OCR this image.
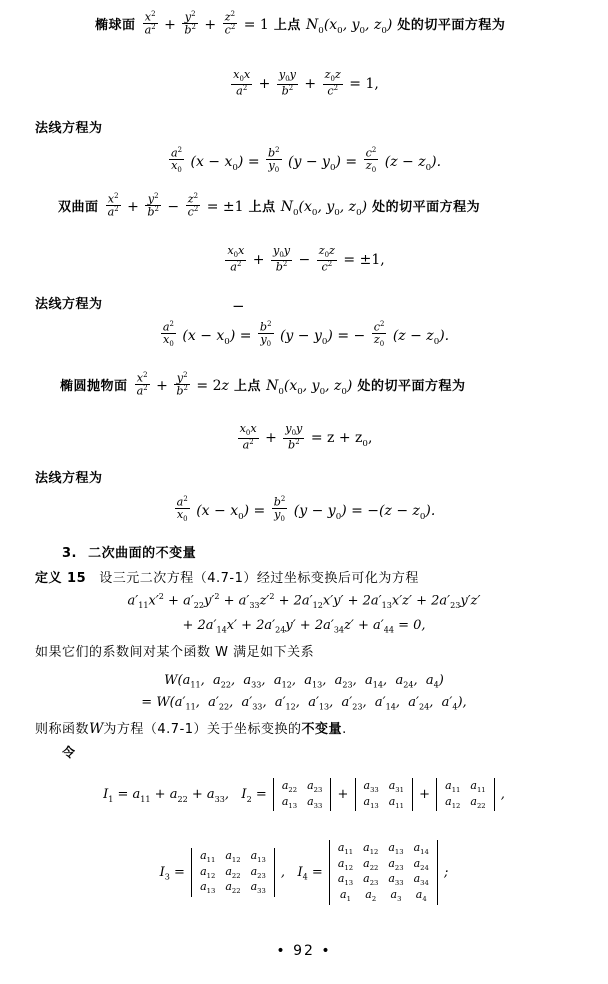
椭球面 $\frac{x^2}{a^2} + \frac{y^2}{b^2} + \frac{z^2}{c^2} = 1$ 上点 $N_0(x_0$, $y_0$, $z_0$) 处的切平面方程为
$\frac{x_0x}{a^2} + \frac{y_0y}{b^2} + \frac{z_0z}{c^2} = 1$,
法线方程为
$\frac{a^2}{x_0} (x - x_0) = \frac{b^2}{y_0} (y - y_0) = \frac{c^2}{z_0} (z - z_0)$.
双曲面 $\frac{x^2}{a^2} + \frac{y^2}{b^2} - \frac{z^2}{c^2} = \pm 1$ 上点 $N_0(x_0$, $y_0$, $z_0$) 处的切平面方程为
$\frac{x_0x}{a^2} + \frac{y_0y}{b^2} - \frac{z_0z}{c^2} = \pm 1$,
法线方程为	−
$\frac{a^2}{x_0} (x - x_0) = \frac{b^2}{y_0} (y - y_0)$ = − $\frac{c^2}{z_0} (z - z_0)$.
椭圆抛物面 $\frac{x^2}{a^2} + \frac{y^2}{b^2} = 2z$ 上点 $N_0(x_0$, $y_0$, $z_0$) 处的切平面方程为
$\frac{x_0x}{a^2} + \frac{y_0y}{b^2} = z + z_0$,
法线方程为
$\frac{a^2}{x_0} (x - x_0) = \frac{b^2}{y_0} (y - y_0) = -(z - z_0)$.
3. 二次曲面的不变量
定义 15 设三元二次方程（4.7-1）经过坐标变换后可化为方程
$a'_{11}x'^2 + a'_{22}y'^2 + a'_{33}z'^2 + 2a'_{12}x'y' + 2a'_{13}x'z' + 2a'_{23}y'z'$
+ $2a'_{14}x' + 2a'_{24}y' + 2a'_{34}z' + a'_{44} = 0$,
如果它们的系数间对某个函数 W 满足如下关系
$W(a_{11}$,  $a_{22}$,  $a_{33}$,  $a_{12}$,  $a_{13}$,  $a_{23}$,  $a_{14}$,  $a_{24}$,  $a_4$)
= $W(a'_{11}$,  $a'_{22}$,  $a'_{33}$,  $a'_{12}$,  $a'_{13}$,  $a'_{23}$,  $a'_{14}$,  $a'_{24}$,  $a'_4$),
则称函数W为方程（4.7-1）关于坐标变换的不变量.
令
$I_1 = a_{11} + a_{22} + a_{33}$,   $I_2$ =
$a_{22}$	$a_{23}$
$a_{13}$	$a_{33}$
+
$a_{33}$	$a_{31}$
$a_{13}$	$a_{11}$
+
$a_{11}$	$a_{11}$
$a_{12}$	$a_{22}$
,
$I_3$ =
$a_{11}$	$a_{12}$	$a_{13}$
$a_{12}$	$a_{22}$	$a_{23}$
$a_{13}$	$a_{22}$	$a_{33}$
,   $I_4$ =
$a_{11}$	$a_{12}$	$a_{13}$	$a_{14}$
$a_{12}$	$a_{22}$	$a_{23}$	$a_{24}$
$a_{13}$	$a_{23}$	$a_{33}$	$a_{34}$
$a_1$	$a_2$	$a_3$	$a_4$
;
• 92 •
